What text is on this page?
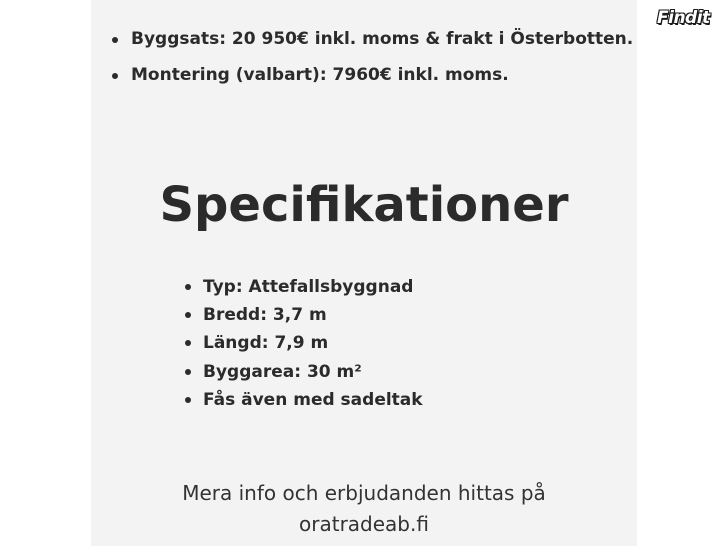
Byggsats: 20 950€ inkl. moms & frakt i Österbotten.
Montering (valbart): 7960€ inkl. moms.
Specifikationer
Typ: Attefallsbyggnad
Bredd: 3,7 m
Längd: 7,9 m
Byggarea: 30 m²
Fås även med sadeltak
Mera info och erbjudanden hittas på
oratradeab.fi
Findit
